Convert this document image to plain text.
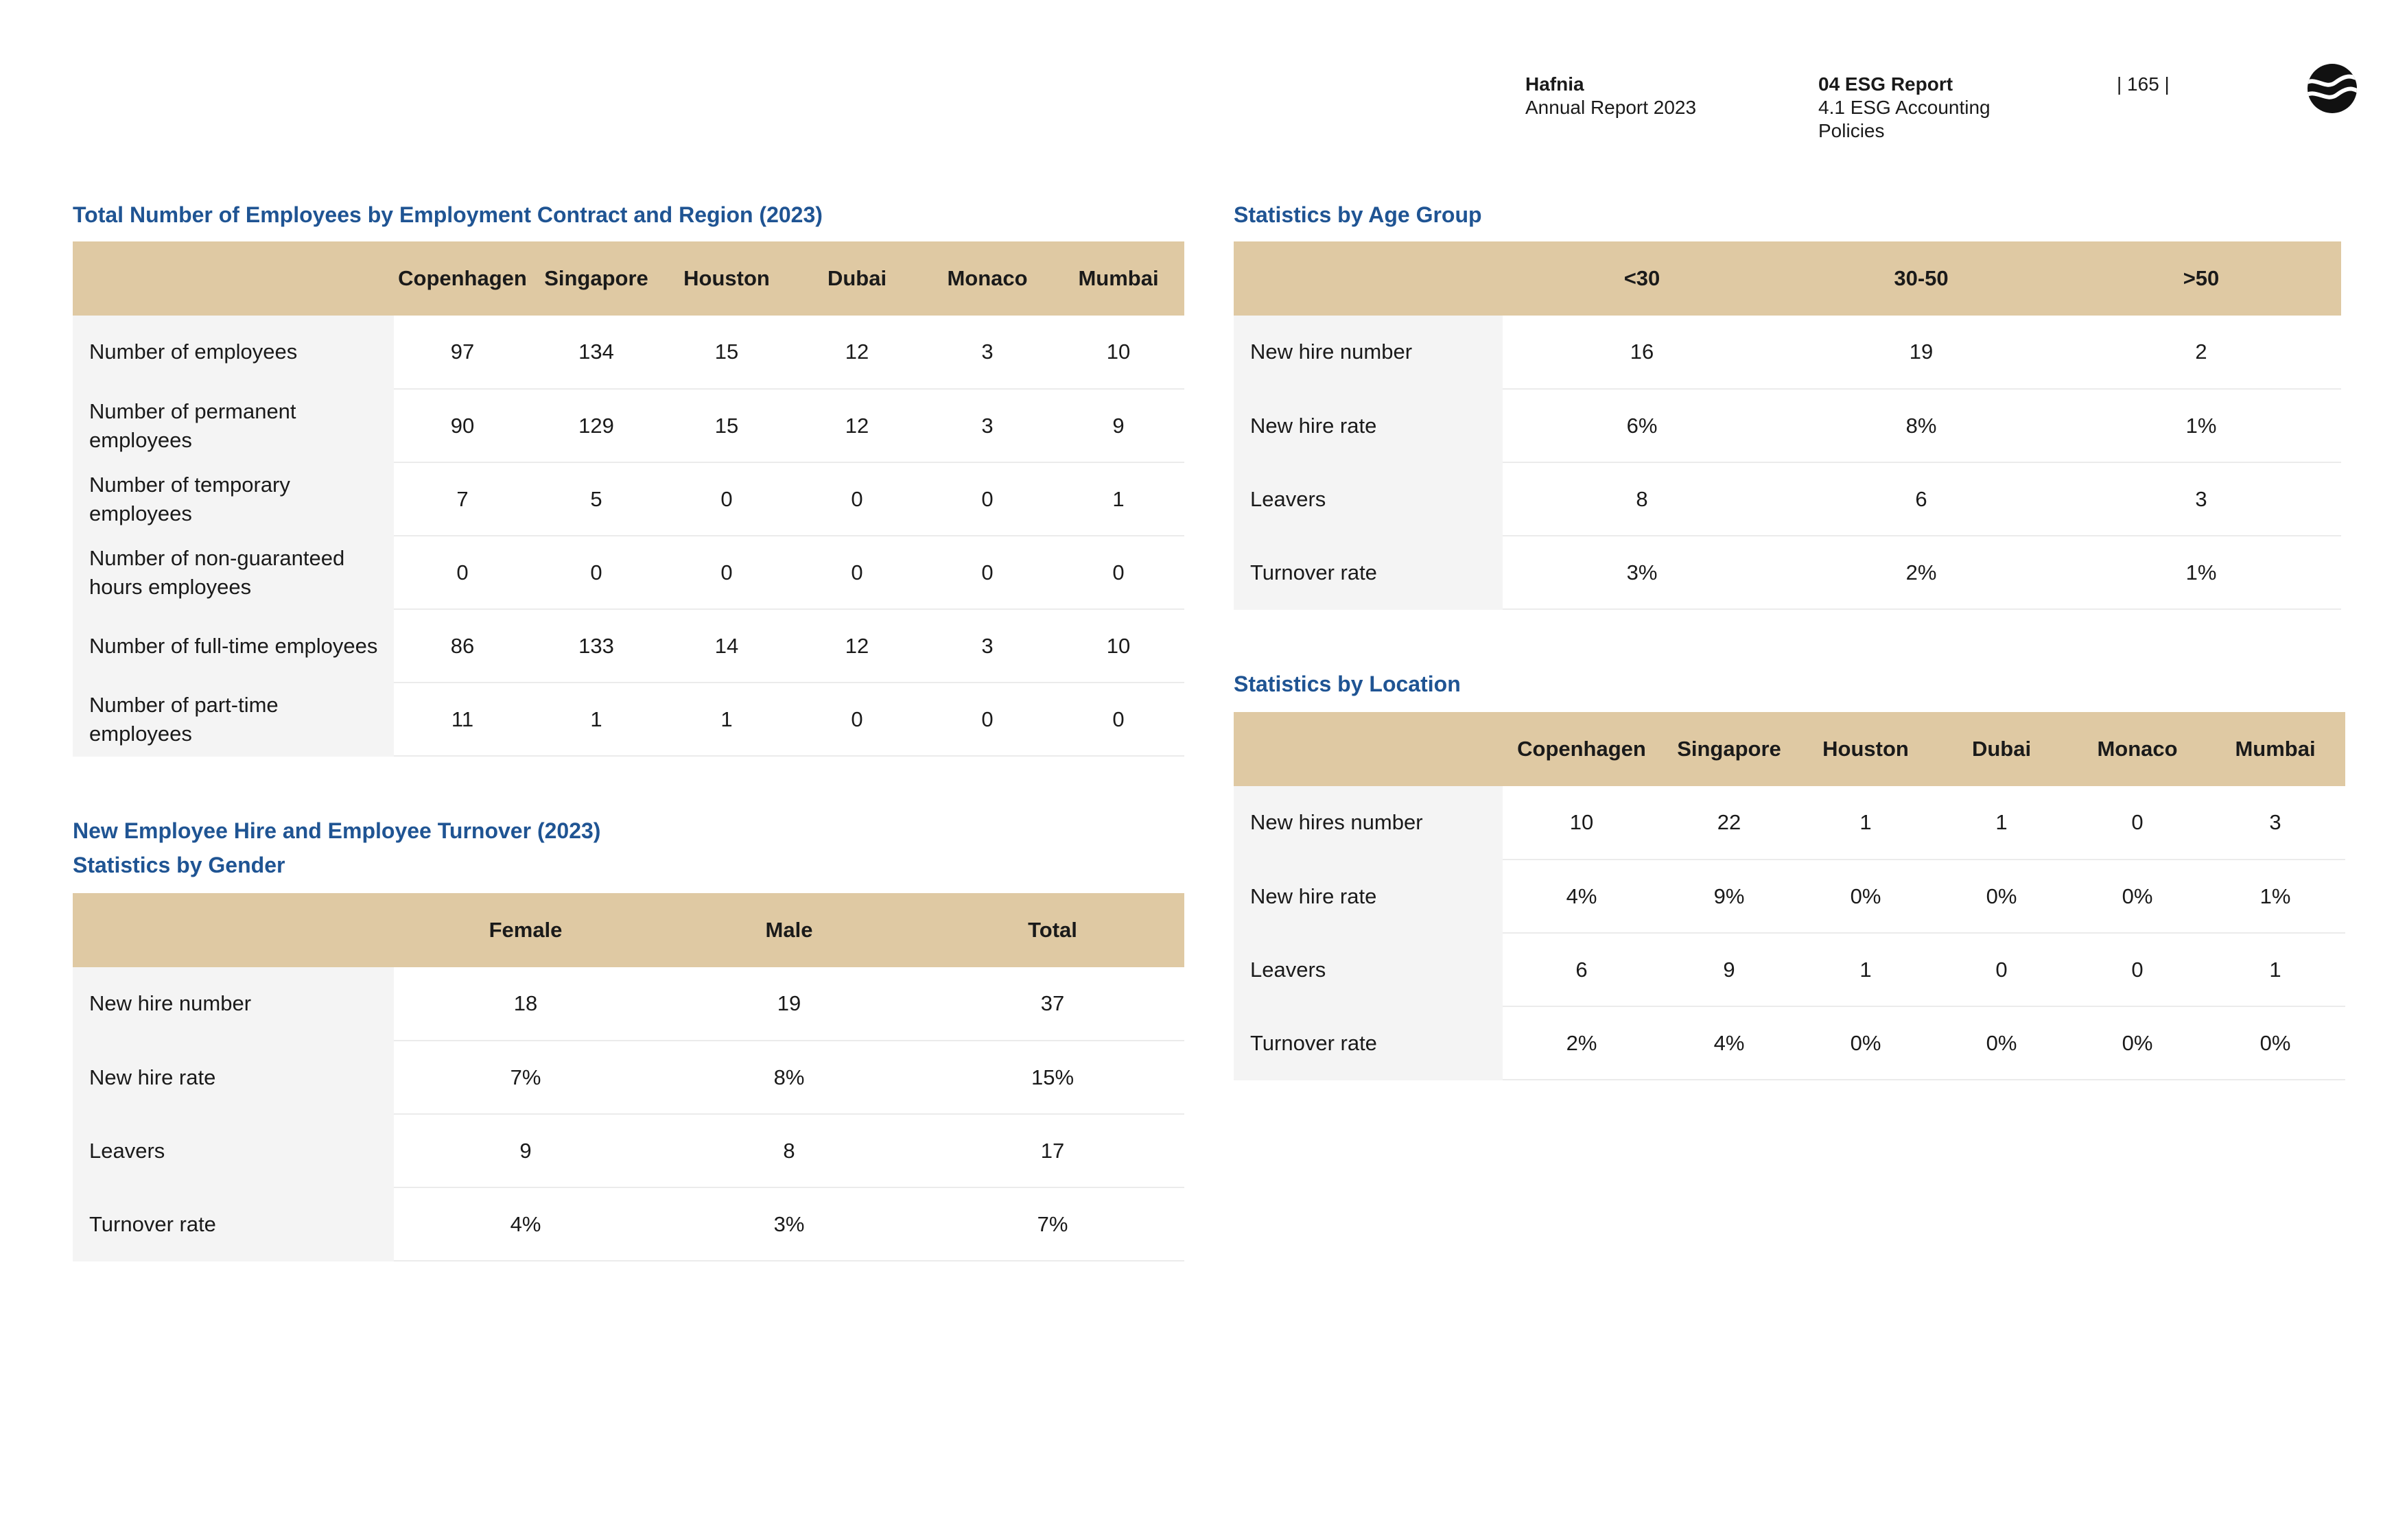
Hafnia
Annual Report 2023
04 ESG Report
4.1 ESG Accounting Policies
| 165 |
Total Number of Employees by Employment Contract and Region (2023)
	Copenhagen	Singapore	Houston	Dubai	Monaco	Mumbai
Number of employees	97	134	15	12	3	10
Number of permanent employees	90	129	15	12	3	9
Number of temporary employees	7	5	0	0	0	1
Number of non-guaranteed hours employees	0	0	0	0	0	0
Number of full-time employees	86	133	14	12	3	10
Number of part-time employees	11	1	1	0	0	0
New Employee Hire and Employee Turnover (2023)
Statistics by Gender
	Female	Male	Total
New hire number	18	19	37
New hire rate	7%	8%	15%
Leavers	9	8	17
Turnover rate	4%	3%	7%
Statistics by Age Group
	<30	30-50	>50
New hire number	16	19	2
New hire rate	6%	8%	1%
Leavers	8	6	3
Turnover rate	3%	2%	1%
Statistics by Location
	Copenhagen	Singapore	Houston	Dubai	Monaco	Mumbai
New hires number	10	22	1	1	0	3
New hire rate	4%	9%	0%	0%	0%	1%
Leavers	6	9	1	0	0	1
Turnover rate	2%	4%	0%	0%	0%	0%
